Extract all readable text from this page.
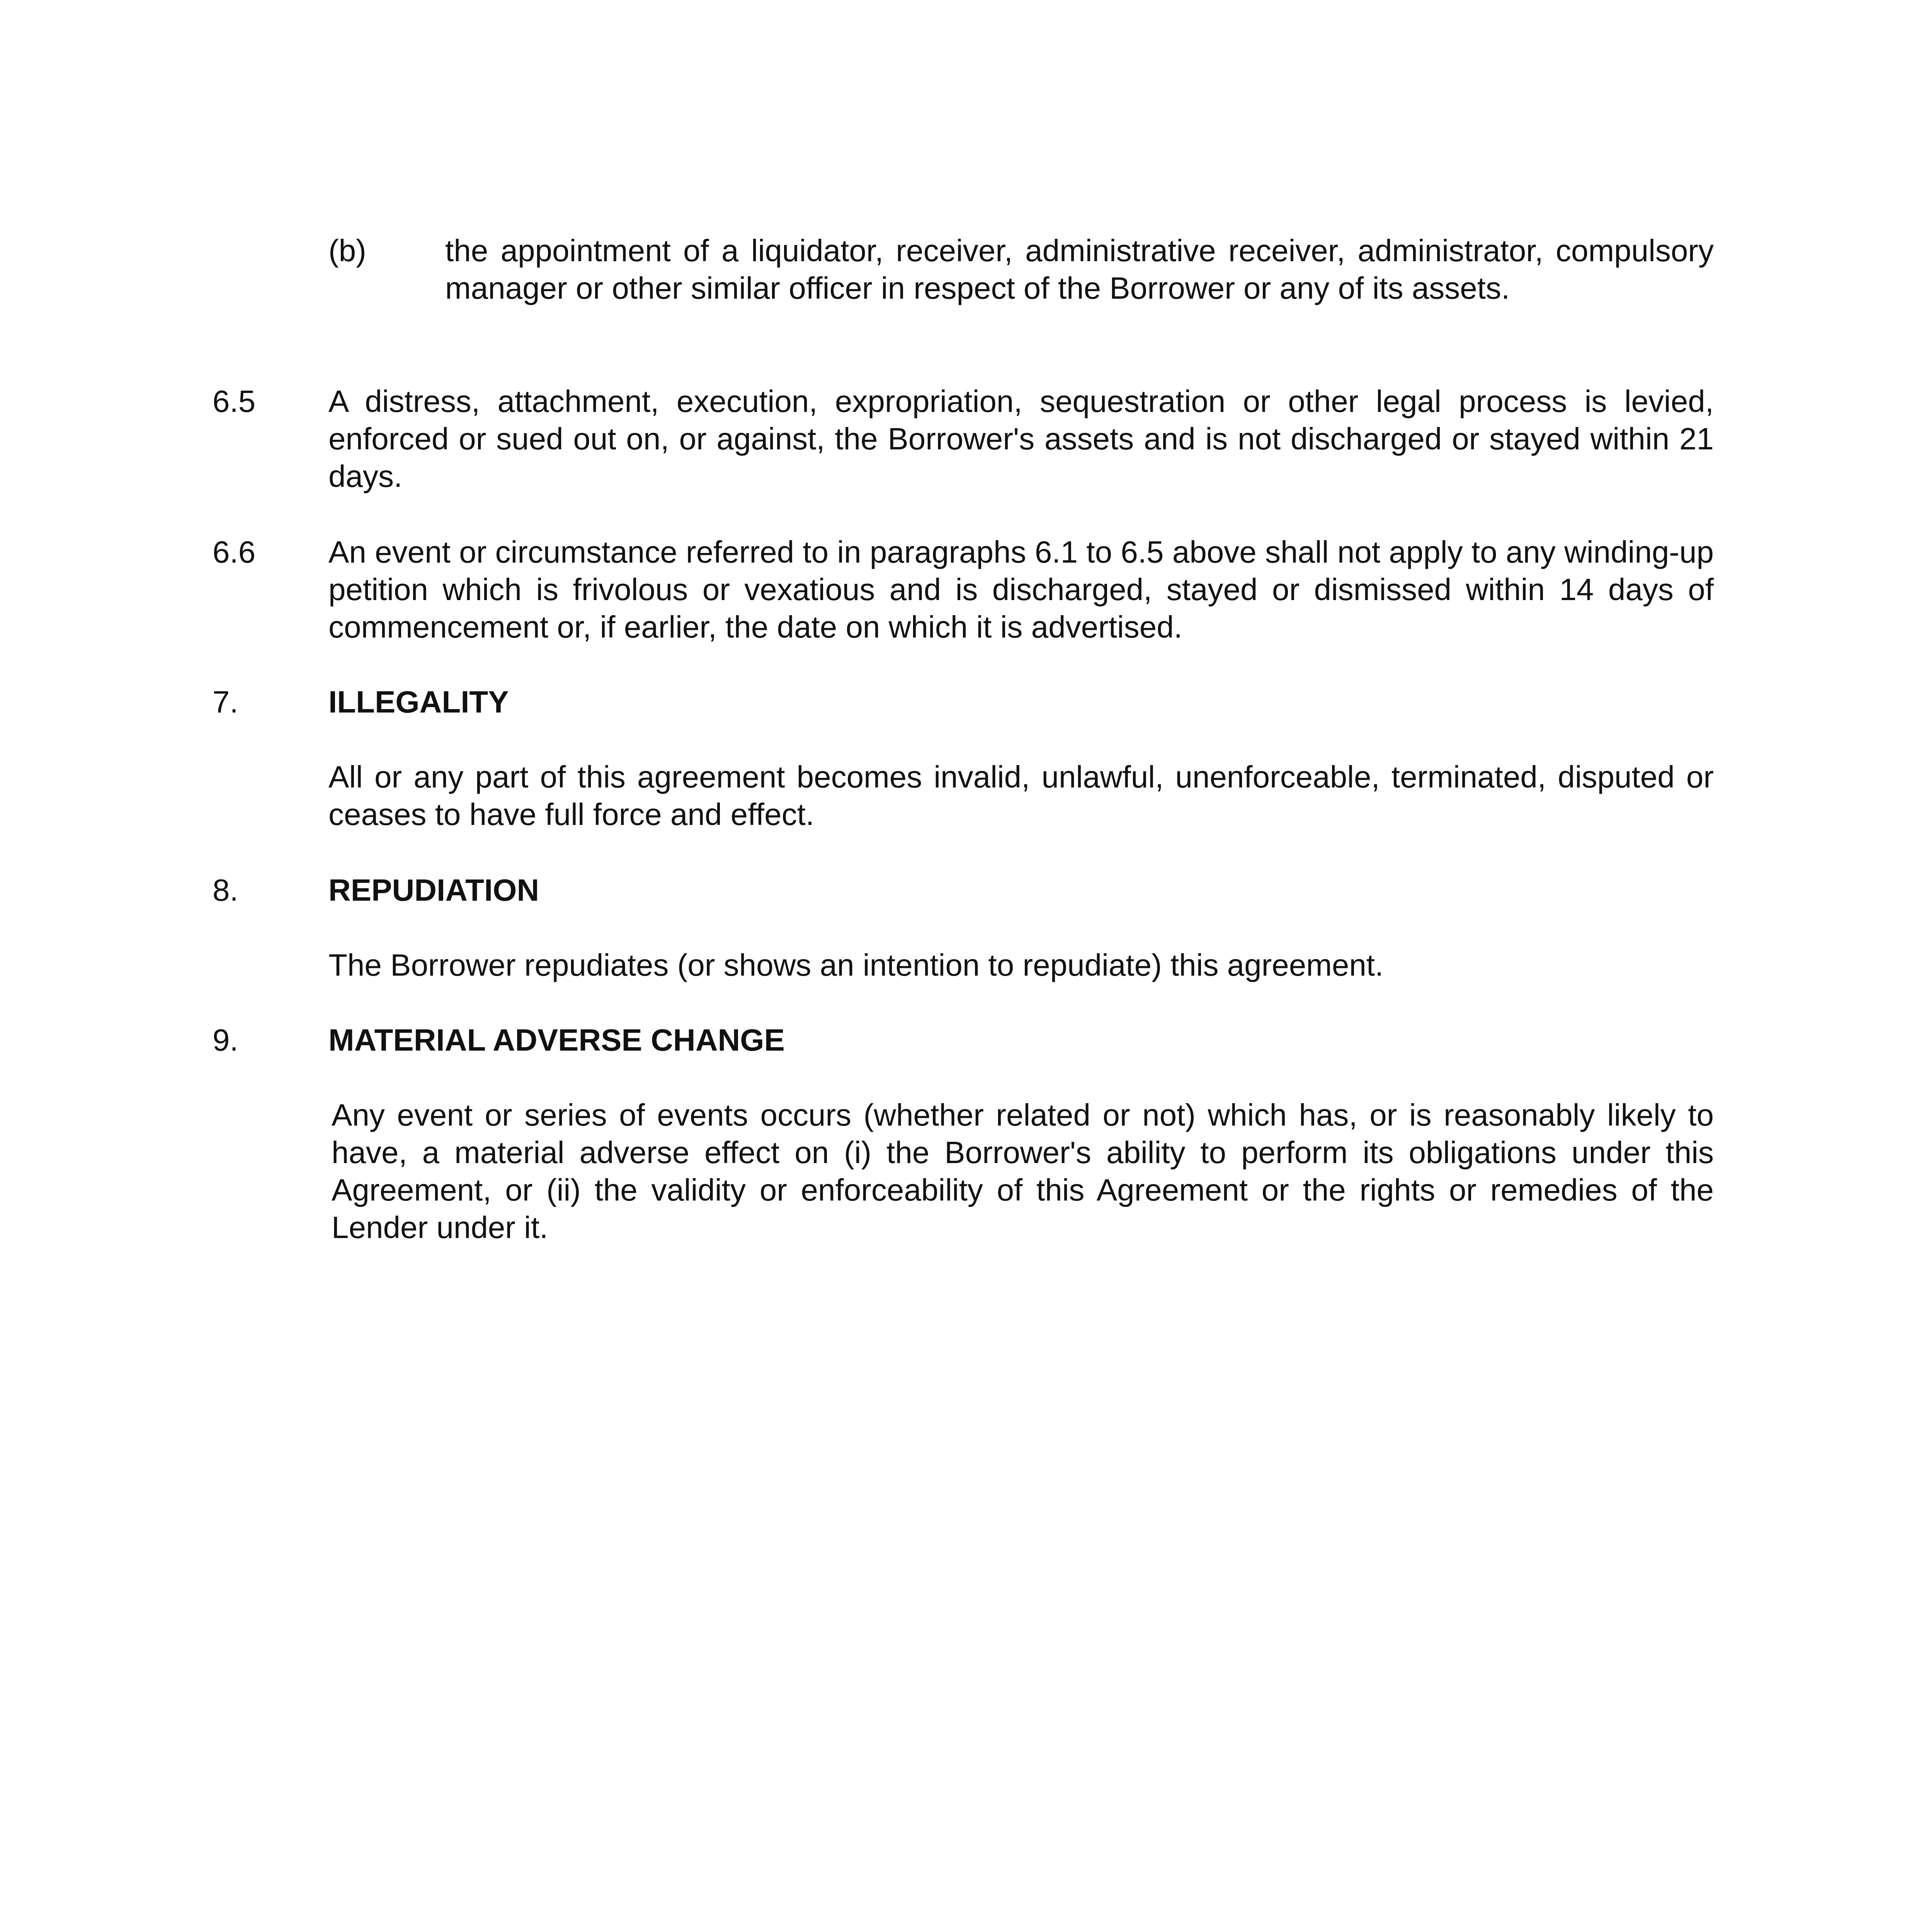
(b)	the appointment of a liquidator, receiver, administrative receiver, administrator, compulsory manager or other similar officer in respect of the Borrower or any of its assets.
6.5 A distress, attachment, execution, expropriation, sequestration or other legal process is levied, enforced or sued out on, or against, the Borrower's assets and is not discharged or stayed within 21 days.
6.6 An event or circumstance referred to in paragraphs 6.1 to 6.5 above shall not apply to any winding-up petition which is frivolous or vexatious and is discharged, stayed or dismissed within 14 days of commencement or, if earlier, the date on which it is advertised.
7.	ILLEGALITY
All or any part of this agreement becomes invalid, unlawful, unenforceable, terminated, disputed or ceases to have full force and effect.
8.	REPUDIATION
The Borrower repudiates (or shows an intention to repudiate) this agreement.
9.	MATERIAL ADVERSE CHANGE
Any event or series of events occurs (whether related or not) which has, or is reasonably likely to have, a material adverse effect on (i) the Borrower's ability to perform its obligations under this Agreement, or (ii) the validity or enforceability of this Agreement or the rights or remedies of the Lender under it.
